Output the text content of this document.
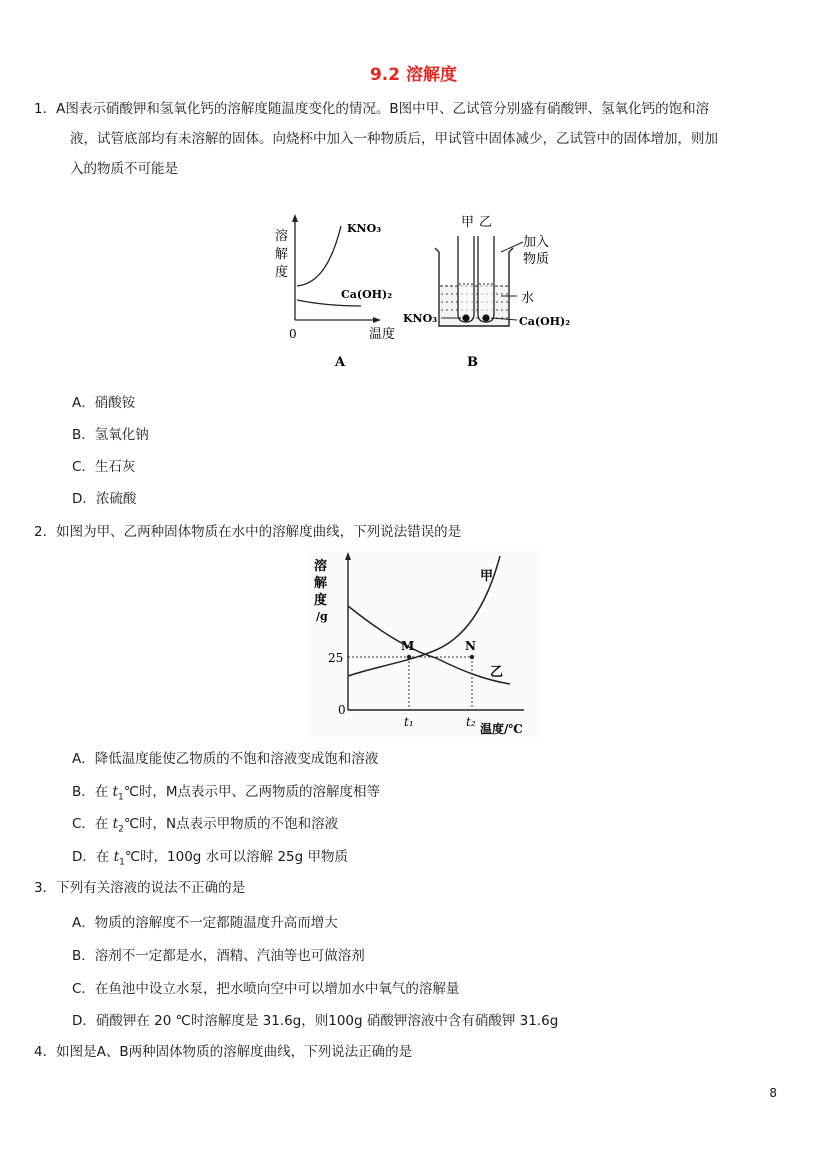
9.2 溶解度
1．A图表示硝酸钾和氢氧化钙的溶解度随温度变化的情况。B图中甲、乙试管分别盛有硝酸钾、氢氧化钙的饱和溶
液，试管底部均有未溶解的固体。向烧杯中加入一种物质后，甲试管中固体减少，乙试管中的固体增加，则加
入的物质不可能是
溶
解
度
KNO₃
Ca(OH)₂
0	温度
A
甲 乙
加入
物质
水
KNO₃	Ca(OH)₂
B
A．硝酸铵
B．氢氧化钠
C．生石灰
D．浓硫酸
2．如图为甲、乙两种固体物质在水中的溶解度曲线，下列说法错误的是
溶
解
度
/g
甲
乙
M	N
25
0
t₁	t₂ 温度/℃
A．降低温度能使乙物质的不饱和溶液变成饱和溶液
B．在 $t_1℃$时，M点表示甲、乙两物质的溶解度相等
C．在 $t_2℃$时，N点表示甲物质的不饱和溶液
D．在 $t_1℃$时，100g 水可以溶解 25g 甲物质
3．下列有关溶液的说法不正确的是
A．物质的溶解度不一定都随温度升高而增大
B．溶剂不一定都是水，酒精、汽油等也可做溶剂
C．在鱼池中设立水泵，把水喷向空中可以增加水中氧气的溶解量
D．硝酸钾在 20 ℃时溶解度是 31.6g，则100g 硝酸钾溶液中含有硝酸钾 31.6g
4．如图是A、B两种固体物质的溶解度曲线，下列说法正确的是
8
